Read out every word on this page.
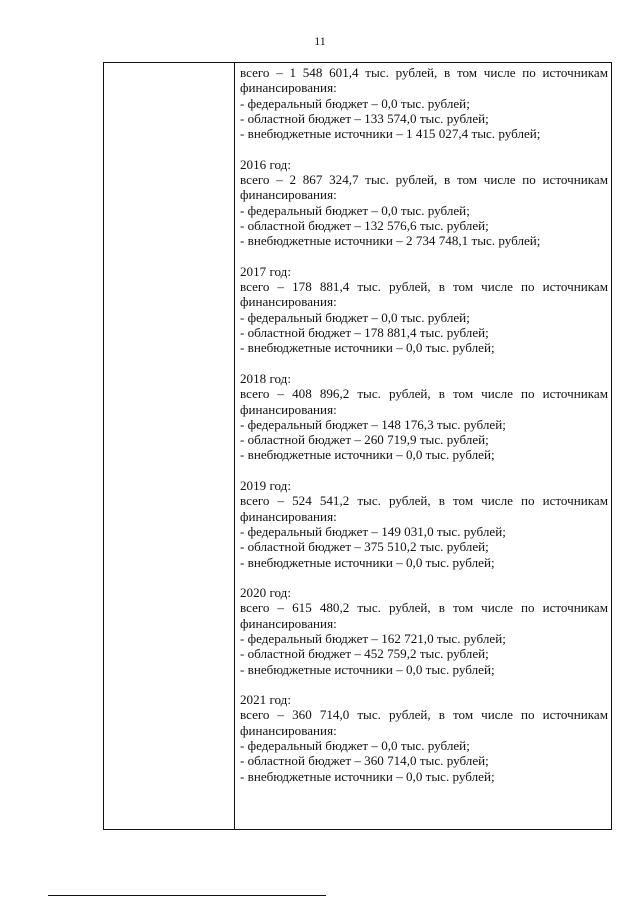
11
всего – 1 548 601,4 тыс. рублей, в том числе по источникам
финансирования:
- федеральный бюджет – 0,0 тыс. рублей;
- областной бюджет – 133 574,0 тыс. рублей;
- внебюджетные источники – 1 415 027,4 тыс. рублей;
2016 год:
всего – 2 867 324,7 тыс. рублей, в том числе по источникам
финансирования:
- федеральный бюджет – 0,0 тыс. рублей;
- областной бюджет – 132 576,6 тыс. рублей;
- внебюджетные источники – 2 734 748,1 тыс. рублей;
2017 год:
всего – 178 881,4 тыс. рублей, в том числе по источникам
финансирования:
- федеральный бюджет – 0,0 тыс. рублей;
- областной бюджет – 178 881,4 тыс. рублей;
- внебюджетные источники – 0,0 тыс. рублей;
2018 год:
всего – 408 896,2 тыс. рублей, в том числе по источникам
финансирования:
- федеральный бюджет – 148 176,3 тыс. рублей;
- областной бюджет – 260 719,9 тыс. рублей;
- внебюджетные источники – 0,0 тыс. рублей;
2019 год:
всего – 524 541,2 тыс. рублей, в том числе по источникам
финансирования:
- федеральный бюджет – 149 031,0 тыс. рублей;
- областной бюджет – 375 510,2 тыс. рублей;
- внебюджетные источники – 0,0 тыс. рублей;
2020 год:
всего – 615 480,2 тыс. рублей, в том числе по источникам
финансирования:
- федеральный бюджет – 162 721,0 тыс. рублей;
- областной бюджет – 452 759,2 тыс. рублей;
- внебюджетные источники – 0,0 тыс. рублей;
2021 год:
всего – 360 714,0 тыс. рублей, в том числе по источникам
финансирования:
- федеральный бюджет – 0,0 тыс. рублей;
- областной бюджет – 360 714,0 тыс. рублей;
- внебюджетные источники – 0,0 тыс. рублей;
